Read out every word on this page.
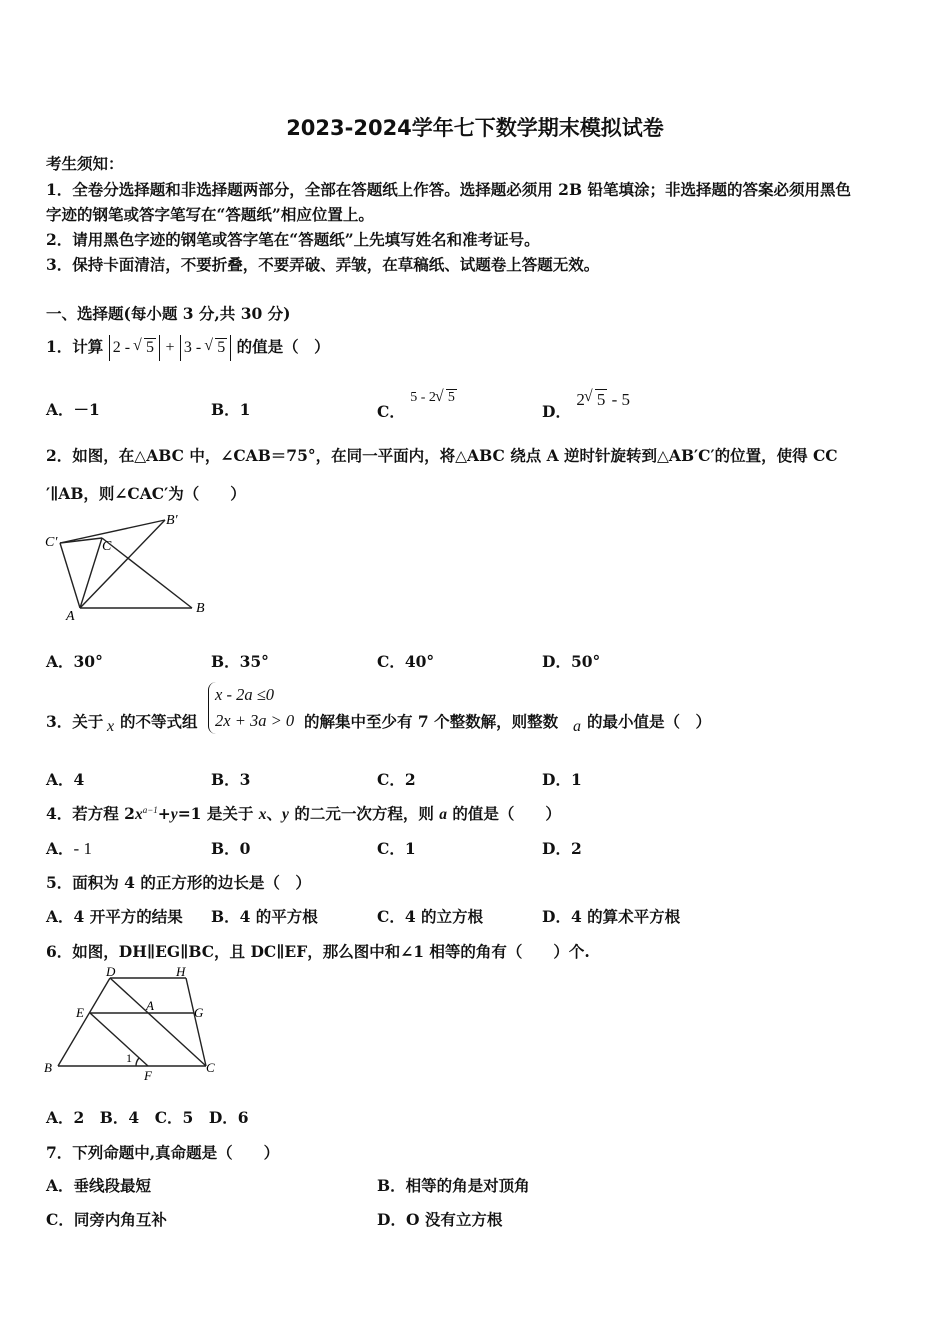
2023-2024学年七下数学期末模拟试卷
考生须知：
1．全卷分选择题和非选择题两部分，全部在答题纸上作答。选择题必须用 2B 铅笔填涂；非选择题的答案必须用黑色
字迹的钢笔或答字笔写在“答题纸”相应位置上。
2．请用黑色字迹的钢笔或答字笔在“答题纸”上先填写姓名和准考证号。
3．保持卡面清洁，不要折叠，不要弄破、弄皱，在草稿纸、试题卷上答题无效。
一、选择题(每小题 3 分,共 30 分)
1．计算 2 - √ 5 + 3 - √ 5 的值是（　）
A．－1	B．1	C． 5 - 2 √ 5
D． 2 √ 5 - 5
2．如图，在△ABC 中，∠CAB＝75°，在同一平面内，将△ABC 绕点 A 逆时针旋转到△AB′C′的位置，使得 CC
′∥AB，则∠CAC′为（　　）
C′	C
B′
A
B
A．30°	B．35°	C．40°	D．50°
3．关于 x 的不等式组
x - 2a ≤0
2x + 3a > 0 的解集中至少有 7 个整数解，则整数 a 的最小值是（　）
A．4	B．3	C．2	D．1
4．若方程 $2x^{a-1}+y=1$ 是关于 x、y 的二元一次方程，则 a 的值是（　　）
A．- 1	B．0	C．1	D．2
5．面积为 4 的正方形的边长是（　）
A．4 开平方的结果 B．4 的平方根	C．4 的立方根	D．4 的算术平方根
6．如图，DH∥EG∥BC，且 DC∥EF，那么图中和∠1 相等的角有（　　）个.
D	H
E	A	G
B
1
F
C
A．2　B．4　C．5　D．6
7．下列命题中,真命题是（　　）
A．垂线段最短	B．相等的角是对顶角
C．同旁内角互补	D．O 没有立方根
